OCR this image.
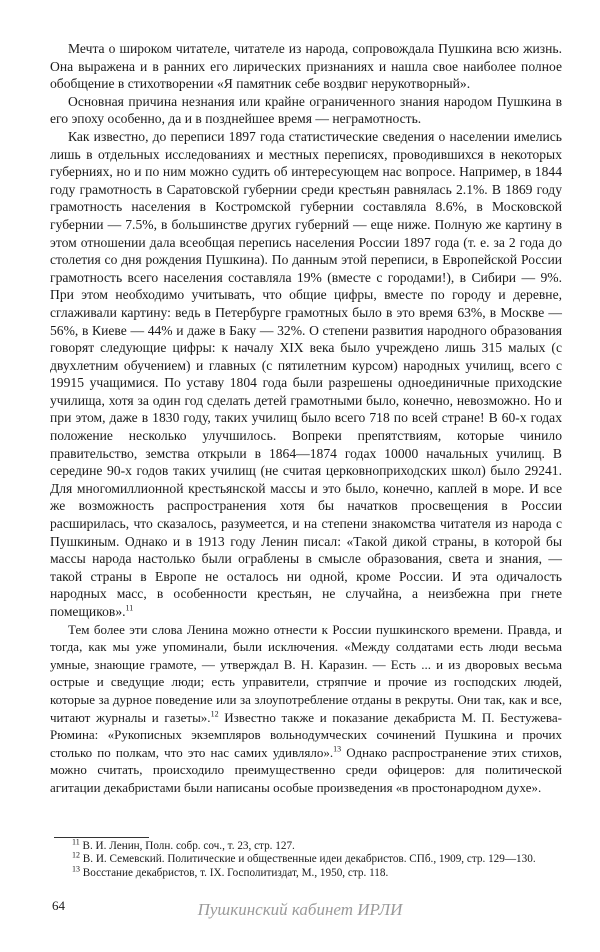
Мечта о широком читателе, читателе из народа, сопровождала Пушкина всю жизнь. Она выражена и в ранних его лирических признаниях и нашла свое наиболее полное обобщение в стихотворении «Я памятник себе воздвиг нерукотворный».

Основная причина незнания или крайне ограниченного знания народом Пушкина в его эпоху особенно, да и в позднейшее время — неграмотность.

Как известно, до переписи 1897 года статистические сведения о населении имелись лишь в отдельных исследованиях и местных переписях, проводившихся в некоторых губерниях, но и по ним можно судить об интересующем нас вопросе. Например, в 1844 году грамотность в Саратовской губернии среди крестьян равнялась 2.1%. В 1869 году грамотность населения в Костромской губернии составляла 8.6%, в Московской губернии — 7.5%, в большинстве других губерний — еще ниже. Полную же картину в этом отношении дала всеобщая перепись населения России 1897 года (т. е. за 2 года до столетия со дня рождения Пушкина). По данным этой переписи, в Европейской России грамотность всего населения составляла 19% (вместе с городами!), в Сибири — 9%. При этом необходимо учитывать, что общие цифры, вместе по городу и деревне, сглаживали картину: ведь в Петербурге грамотных было в это время 63%, в Москве — 56%, в Киеве — 44% и даже в Баку — 32%. О степени развития народного образования говорят следующие цифры: к началу XIX века было учреждено лишь 315 малых (с двухлетним обучением) и главных (с пятилетним курсом) народных училищ, всего с 19915 учащимися. По уставу 1804 года были разрешены одноединичные приходские училища, хотя за один год сделать детей грамотными было, конечно, невозможно. Но и при этом, даже в 1830 году, таких училищ было всего 718 по всей стране! В 60-х годах положение несколько улучшилось. Вопреки препятствиям, которые чинило правительство, земства открыли в 1864—1874 годах 10000 начальных училищ. В середине 90-х годов таких училищ (не считая церковноприходских школ) было 29241. Для многомиллионной крестьянской массы и это было, конечно, каплей в море. И все же возможность распространения хотя бы начатков просвещения в России расширилась, что сказалось, разумеется, и на степени знакомства читателя из народа с Пушкиным. Однако и в 1913 году Ленин писал: «Такой дикой страны, в которой бы массы народа настолько были ограблены в смысле образования, света и знания, — такой страны в Европе не осталось ни одной, кроме России. И эта одичалость народных масс, в особенности крестьян, не случайна, а неизбежна при гнете помещиков».$^{11}$

Тем более эти слова Ленина можно отнести к России пушкинского времени. Правда, и тогда, как мы уже упоминали, были исключения. «Между солдатами есть люди весьма умные, знающие грамоте, — утверждал В. Н. Каразин. — Есть ... и из дворовых весьма острые и сведущие люди; есть управители, стряпчие и прочие из господских людей, которые за дурное поведение или за злоупотребление отданы в рекруты. Они так, как и все, читают журналы и газеты».$^{12}$ Известно также и показание декабриста М. П. Бестужева-Рюмина: «Рукописных экземпляров вольнодумческих сочинений Пушкина и прочих столько по полкам, что это нас самих удивляло».$^{13}$ Однако распространение этих стихов, можно считать, происходило преимущественно среди офицеров: для политической агитации декабристами были написаны особые произведения «в простонародном духе».

$^{11}$ В. И. Ленин, Полн. собр. соч., т. 23, стр. 127.

$^{12}$ В. И. Семевский. Политические и общественные идеи декабристов. СПб., 1909, стр. 129—130.

$^{13}$ Восстание декабристов, т. IX. Госполитиздат, М., 1950, стр. 118.

64	Пушкинский кабинет ИРЛИ
